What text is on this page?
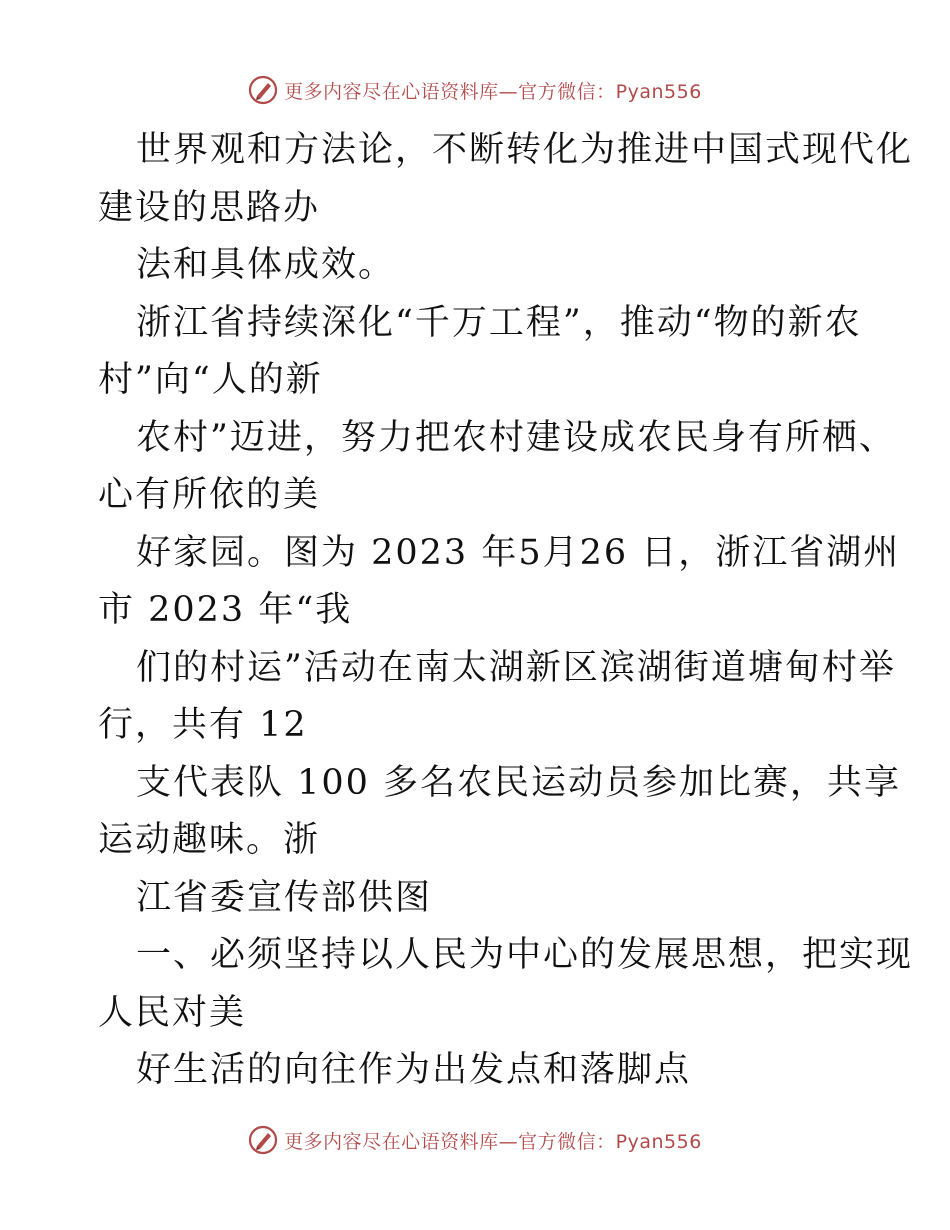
更多内容尽在心语资料库—官方微信：Pyan556
世界观和方法论，不断转化为推进中国式现代化
建设的思路办
法和具体成效。
浙江省持续深化“千万工程”，推动“物的新农
村”向“人的新
农村”迈进，努力把农村建设成农民身有所栖、
心有所依的美
好家园。图为 2023 年5月26 日，浙江省湖州
市 2023 年“我
们的村运”活动在南太湖新区滨湖街道塘甸村举
行，共有 12
支代表队 100 多名农民运动员参加比赛，共享
运动趣味。浙
江省委宣传部供图
一、必须坚持以人民为中心的发展思想，把实现
人民对美
好生活的向往作为出发点和落脚点
更多内容尽在心语资料库—官方微信：Pyan556
